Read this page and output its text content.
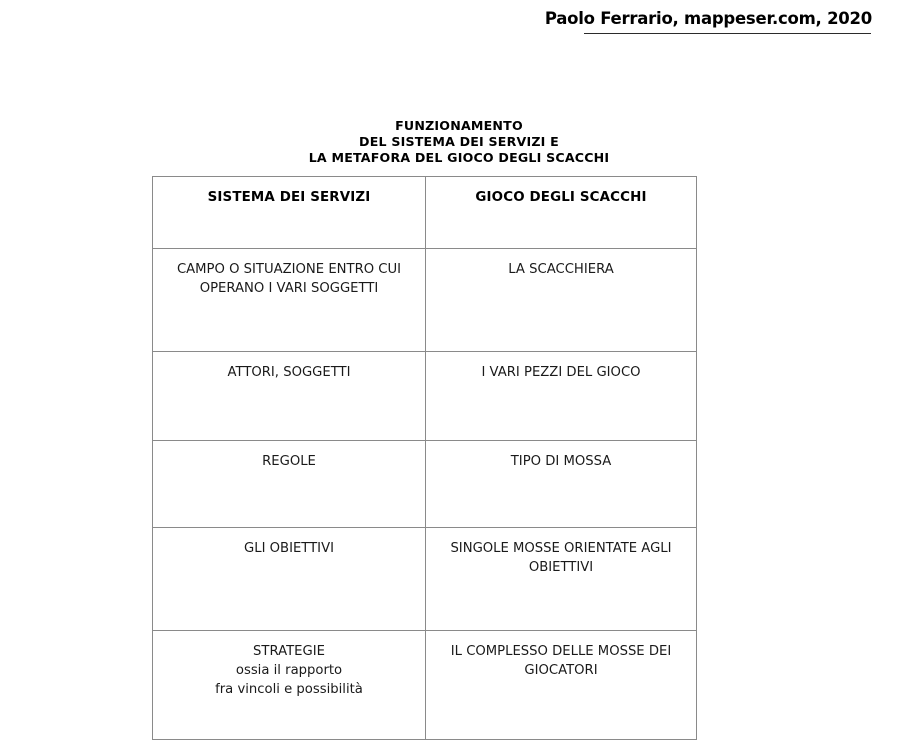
Paolo Ferrario, mappeser.com, 2020
FUNZIONAMENTO
DEL SISTEMA DEI SERVIZI E
LA METAFORA DEL GIOCO DEGLI SCACCHI
SISTEMA DEI SERVIZI	GIOCO DEGLI SCACCHI

CAMPO O SITUAZIONE ENTRO CUI
OPERANO I VARI SOGGETTI	LA SCACCHIERA

ATTORI, SOGGETTI	I VARI PEZZI DEL GIOCO

REGOLE	TIPO DI MOSSA

GLI OBIETTIVI	SINGOLE MOSSE ORIENTATE AGLI
OBIETTIVI

STRATEGIE
ossia il rapporto
fra vincoli e possibilità	IL COMPLESSO DELLE MOSSE DEI
GIOCATORI
